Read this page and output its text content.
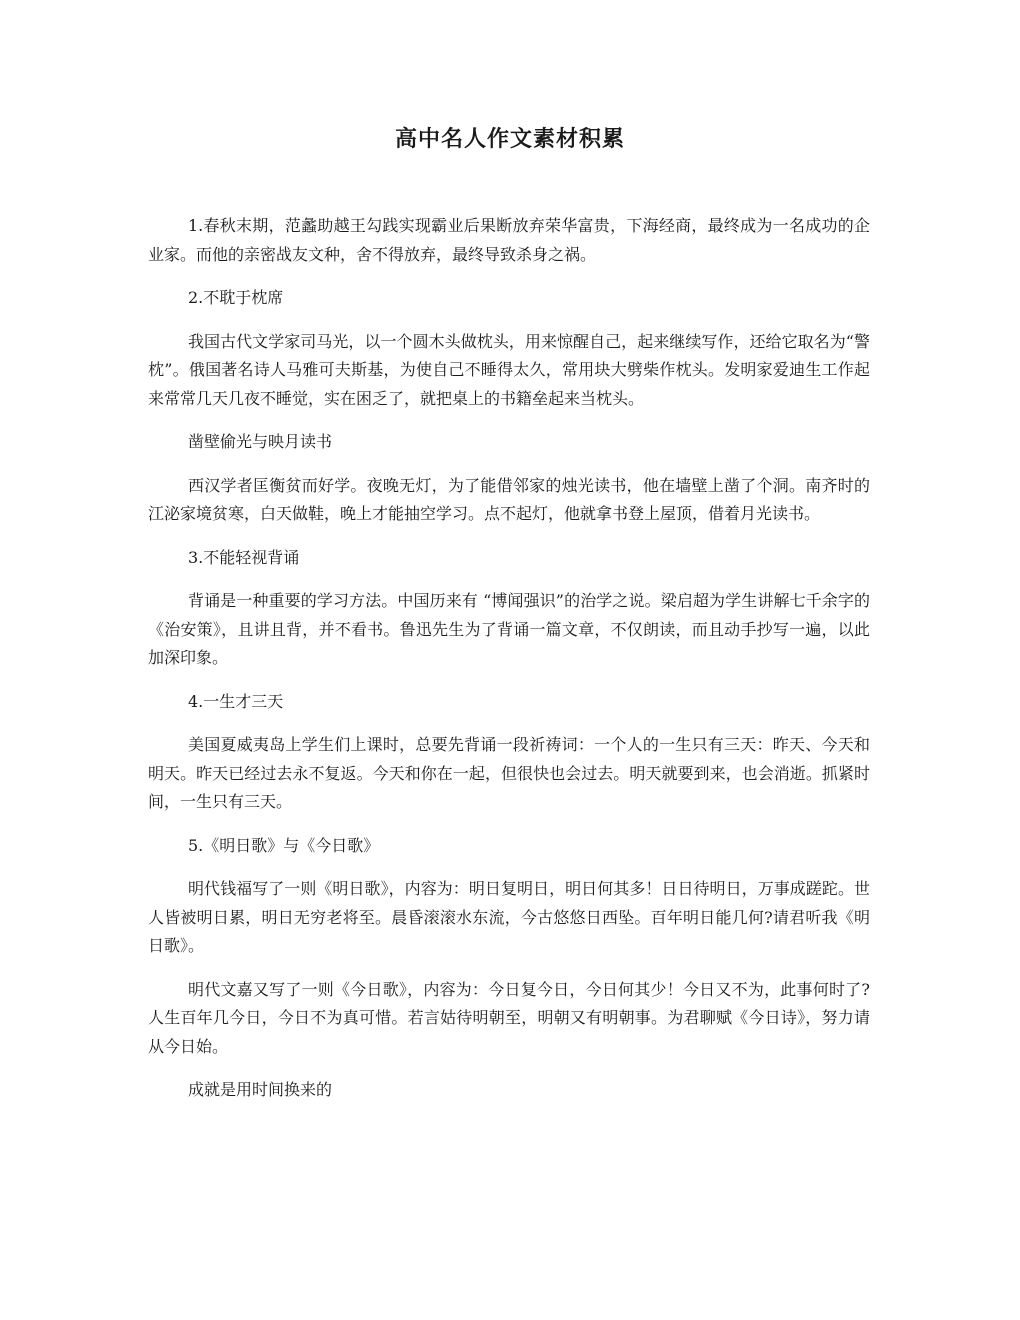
高中名人作文素材积累

1.春秋末期，范蠡助越王勾践实现霸业后果断放弃荣华富贵，下海经商，最终成为一名成功的企业家。而他的亲密战友文种，舍不得放弃，最终导致杀身之祸。

2.不耽于枕席

我国古代文学家司马光，以一个圆木头做枕头，用来惊醒自己，起来继续写作，还给它取名为“警枕”。俄国著名诗人马雅可夫斯基，为使自己不睡得太久，常用块大劈柴作枕头。发明家爱迪生工作起来常常几天几夜不睡觉，实在困乏了，就把桌上的书籍垒起来当枕头。

凿壁偷光与映月读书

西汉学者匡衡贫而好学。夜晚无灯，为了能借邻家的烛光读书，他在墙壁上凿了个洞。南齐时的江泌家境贫寒，白天做鞋，晚上才能抽空学习。点不起灯，他就拿书登上屋顶，借着月光读书。

3.不能轻视背诵

背诵是一种重要的学习方法。中国历来有 “博闻强识”的治学之说。梁启超为学生讲解七千余字的《治安策》，且讲且背，并不看书。鲁迅先生为了背诵一篇文章，不仅朗读，而且动手抄写一遍，以此加深印象。

4.一生才三天

美国夏威夷岛上学生们上课时，总要先背诵一段祈祷词：一个人的一生只有三天：昨天、今天和明天。昨天已经过去永不复返。今天和你在一起，但很快也会过去。明天就要到来，也会消逝。抓紧时间，一生只有三天。

5.《明日歌》与《今日歌》

明代钱福写了一则《明日歌》，内容为：明日复明日，明日何其多！日日待明日，万事成蹉跎。世人皆被明日累，明日无穷老将至。晨昏滚滚水东流，今古悠悠日西坠。百年明日能几何?请君听我《明日歌》。

明代文嘉又写了一则《今日歌》，内容为：今日复今日，今日何其少！今日又不为，此事何时了?人生百年几今日，今日不为真可惜。若言姑待明朝至，明朝又有明朝事。为君聊赋《今日诗》，努力请从今日始。

成就是用时间换来的
